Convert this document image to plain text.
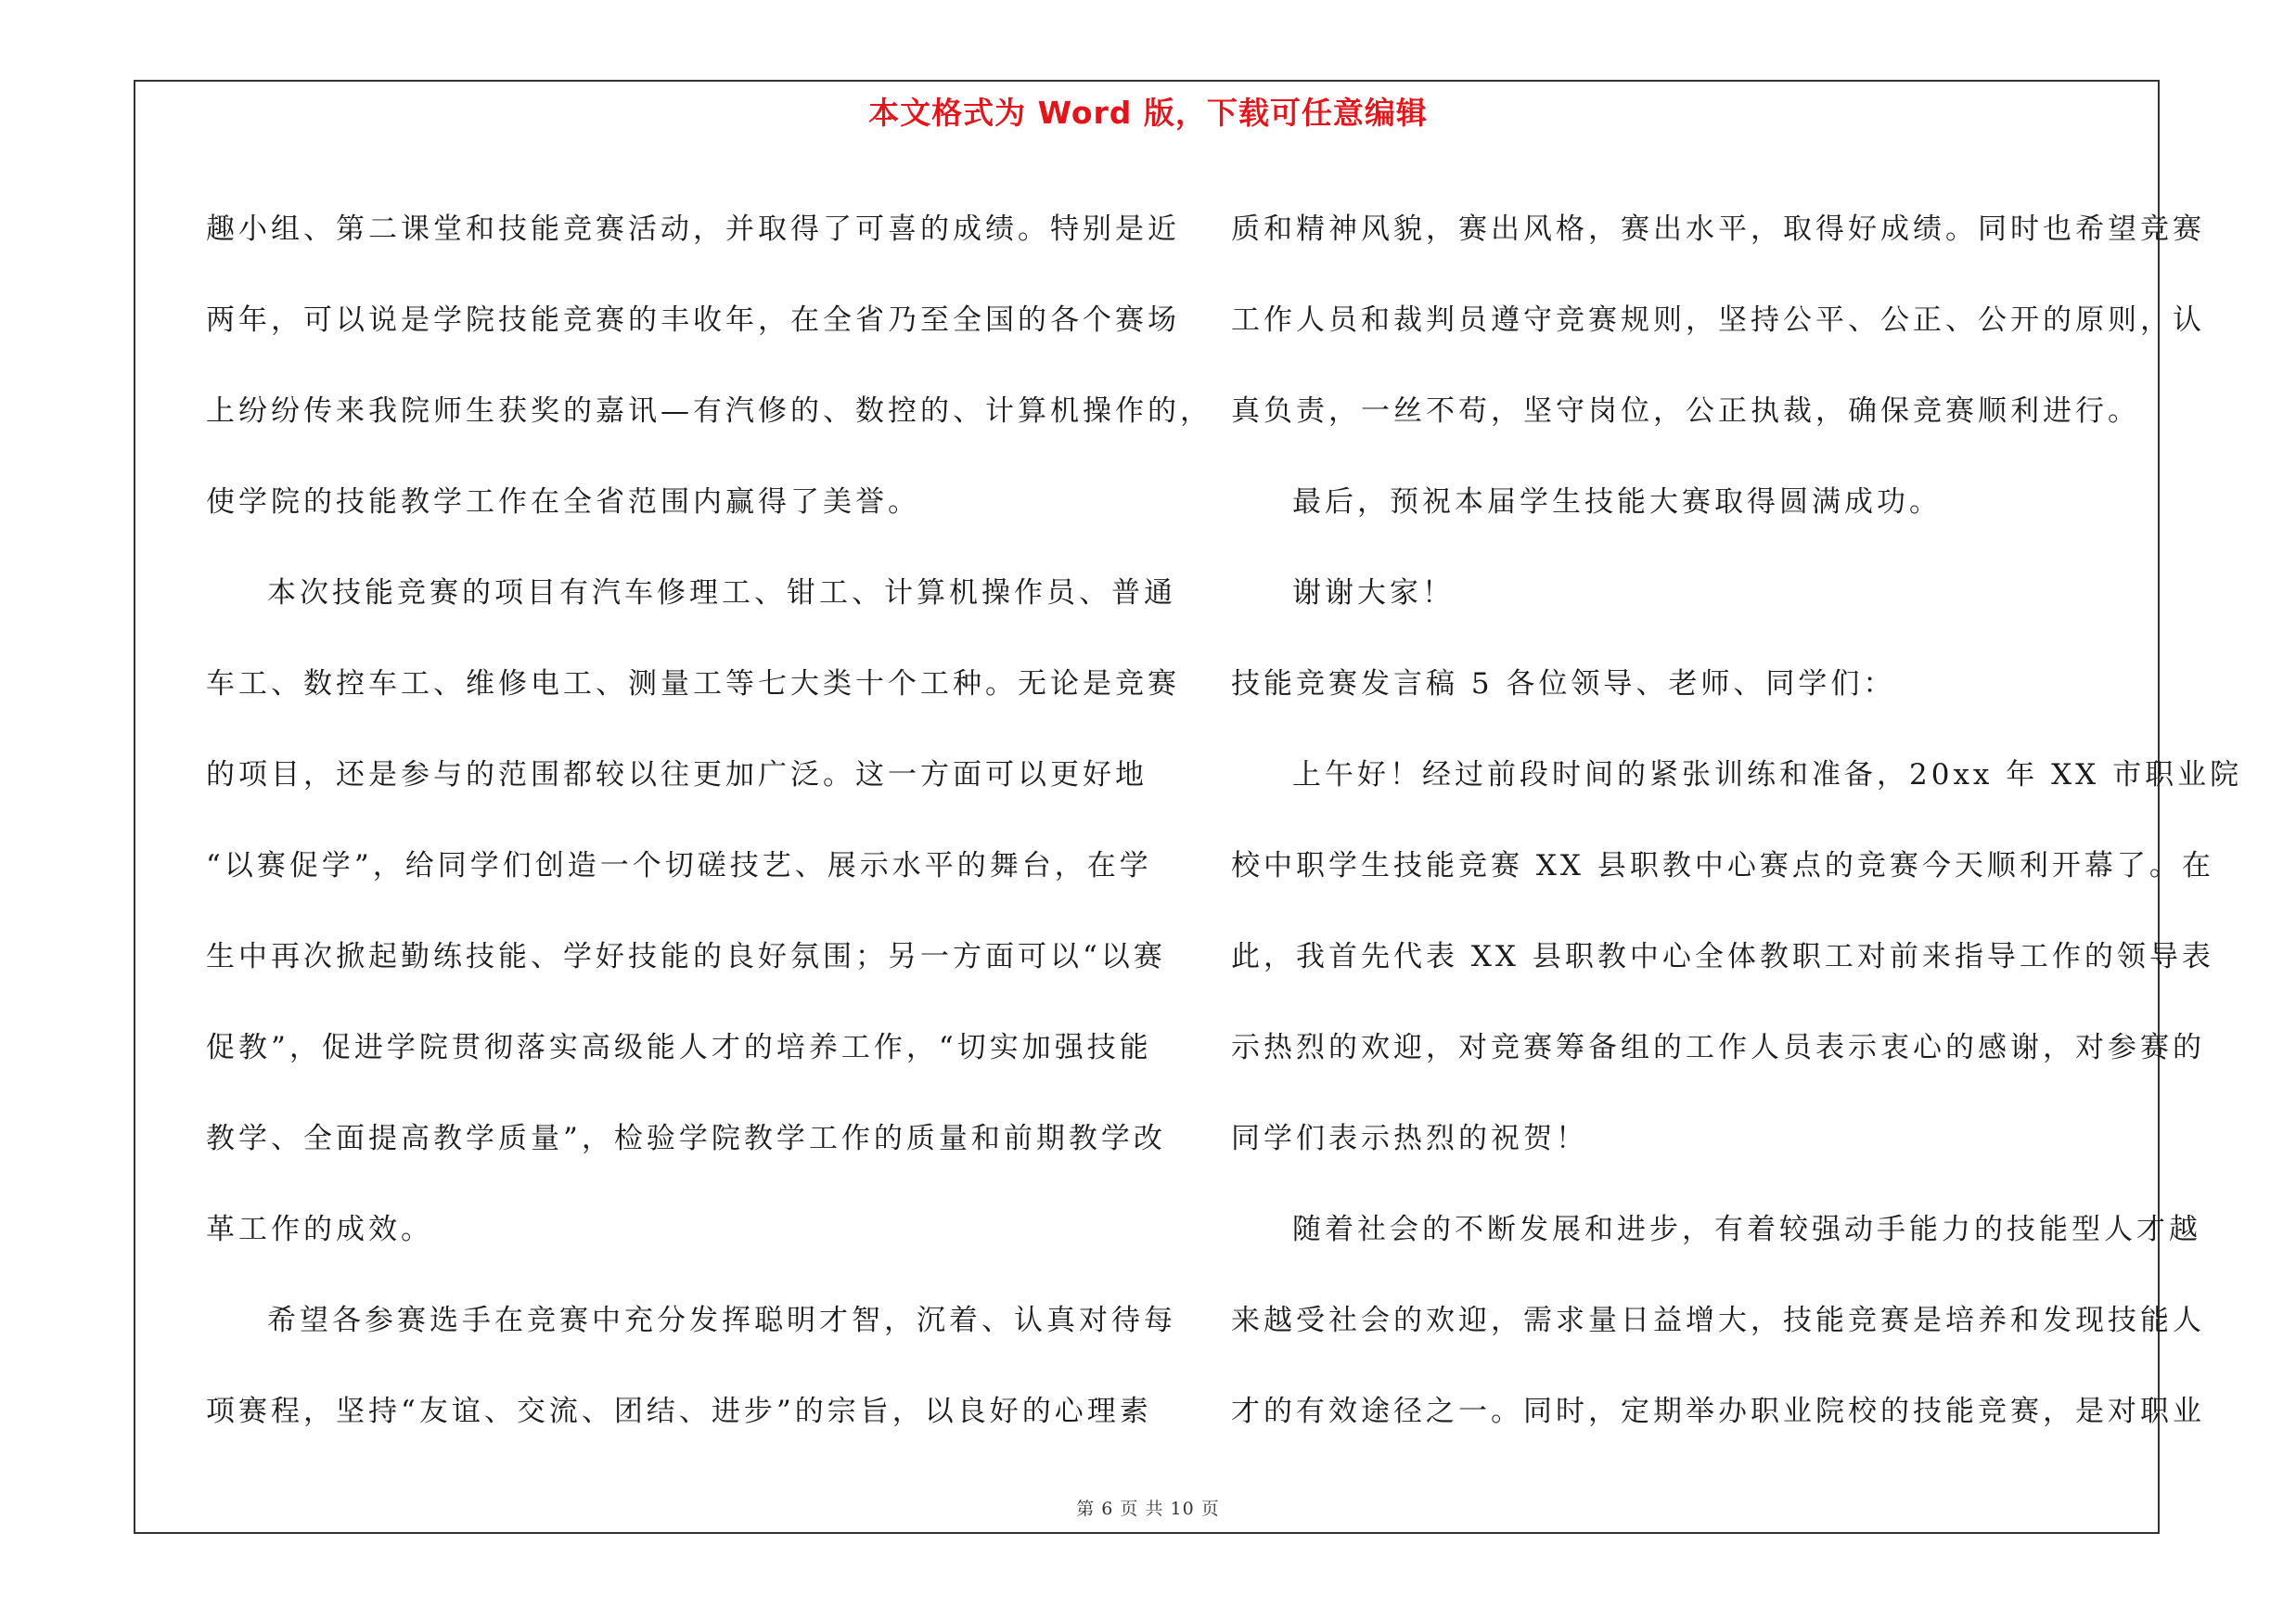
本文格式为 Word 版，下载可任意编辑
趣小组、第二课堂和技能竞赛活动，并取得了可喜的成绩。特别是近
两年，可以说是学院技能竞赛的丰收年，在全省乃至全国的各个赛场
上纷纷传来我院师生获奖的嘉讯—有汽修的、数控的、计算机操作的，
使学院的技能教学工作在全省范围内赢得了美誉。
本次技能竞赛的项目有汽车修理工、钳工、计算机操作员、普通
车工、数控车工、维修电工、测量工等七大类十个工种。无论是竞赛
的项目，还是参与的范围都较以往更加广泛。这一方面可以更好地
“以赛促学”，给同学们创造一个切磋技艺、展示水平的舞台，在学
生中再次掀起勤练技能、学好技能的良好氛围；另一方面可以“以赛
促教”，促进学院贯彻落实高级能人才的培养工作，“切实加强技能
教学、全面提高教学质量”，检验学院教学工作的质量和前期教学改
革工作的成效。
希望各参赛选手在竞赛中充分发挥聪明才智，沉着、认真对待每
项赛程，坚持“友谊、交流、团结、进步”的宗旨，以良好的心理素
质和精神风貌，赛出风格，赛出水平，取得好成绩。同时也希望竞赛
工作人员和裁判员遵守竞赛规则，坚持公平、公正、公开的原则，认
真负责，一丝不苟，坚守岗位，公正执裁，确保竞赛顺利进行。
最后，预祝本届学生技能大赛取得圆满成功。
谢谢大家！
技能竞赛发言稿 5 各位领导、老师、同学们：
上午好！经过前段时间的紧张训练和准备，20xx 年 XX 市职业院
校中职学生技能竞赛 XX 县职教中心赛点的竞赛今天顺利开幕了。在
此，我首先代表 XX 县职教中心全体教职工对前来指导工作的领导表
示热烈的欢迎，对竞赛筹备组的工作人员表示衷心的感谢，对参赛的
同学们表示热烈的祝贺！
随着社会的不断发展和进步，有着较强动手能力的技能型人才越
来越受社会的欢迎，需求量日益增大，技能竞赛是培养和发现技能人
才的有效途径之一。同时，定期举办职业院校的技能竞赛，是对职业
第 6 页 共 10 页
